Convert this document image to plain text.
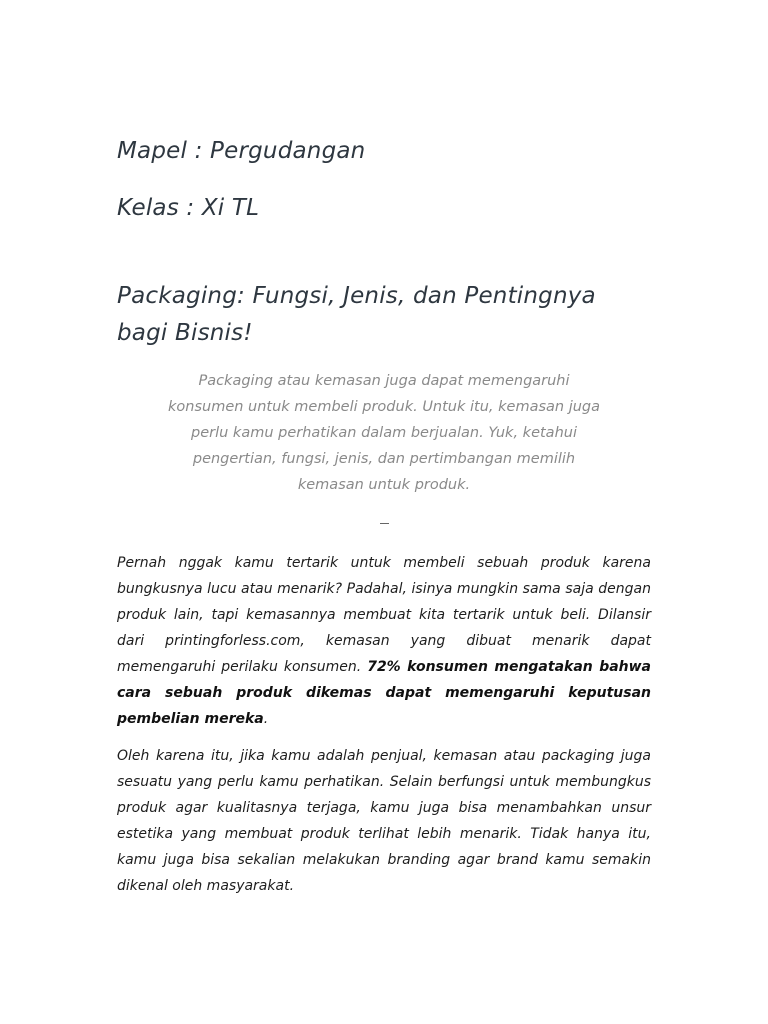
Mapel : Pergudangan
Kelas : Xi TL
Packaging: Fungsi, Jenis, dan Pentingnya bagi Bisnis!

Packaging atau kemasan juga dapat memengaruhi konsumen untuk membeli produk. Untuk itu, kemasan juga perlu kamu perhatikan dalam berjualan. Yuk, ketahui pengertian, fungsi, jenis, dan pertimbangan memilih kemasan untuk produk.

Pernah nggak kamu tertarik untuk membeli sebuah produk karena bungkusnya lucu atau menarik? Padahal, isinya mungkin sama saja dengan produk lain, tapi kemasannya membuat kita tertarik untuk beli. Dilansir dari printingforless.com, kemasan yang dibuat menarik dapat memengaruhi perilaku konsumen. 72% konsumen mengatakan bahwa cara sebuah produk dikemas dapat memengaruhi keputusan pembelian mereka.

Oleh karena itu, jika kamu adalah penjual, kemasan atau packaging juga sesuatu yang perlu kamu perhatikan. Selain berfungsi untuk membungkus produk agar kualitasnya terjaga, kamu juga bisa menambahkan unsur estetika yang membuat produk terlihat lebih menarik. Tidak hanya itu, kamu juga bisa sekalian melakukan branding agar brand kamu semakin dikenal oleh masyarakat.
